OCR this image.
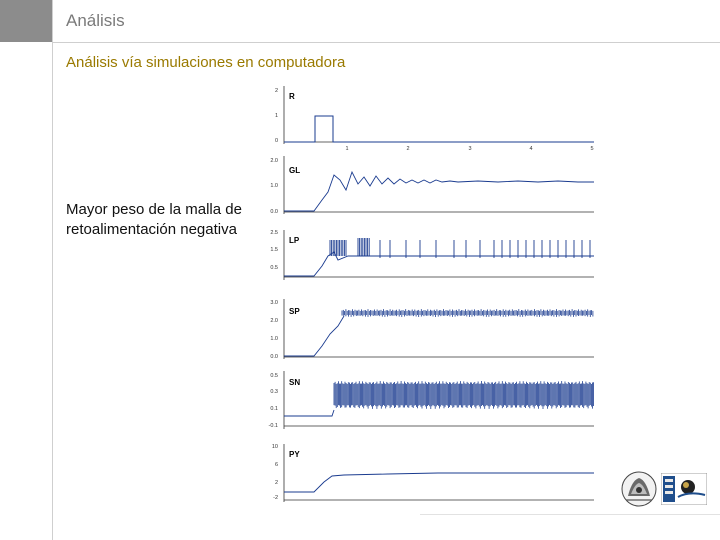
Análisis
Análisis vía simulaciones en computadora
Mayor peso de la malla de retoalimentación negativa
R
2
1
0
1	2	3	4	5
GL
2.0
1.0
0.0
LP
2.5
1.5
0.5
SP
3.0
2.0
1.0
0.0
SN
0.5
0.3
0.1
-0.1
PY
10
6
2
-2
